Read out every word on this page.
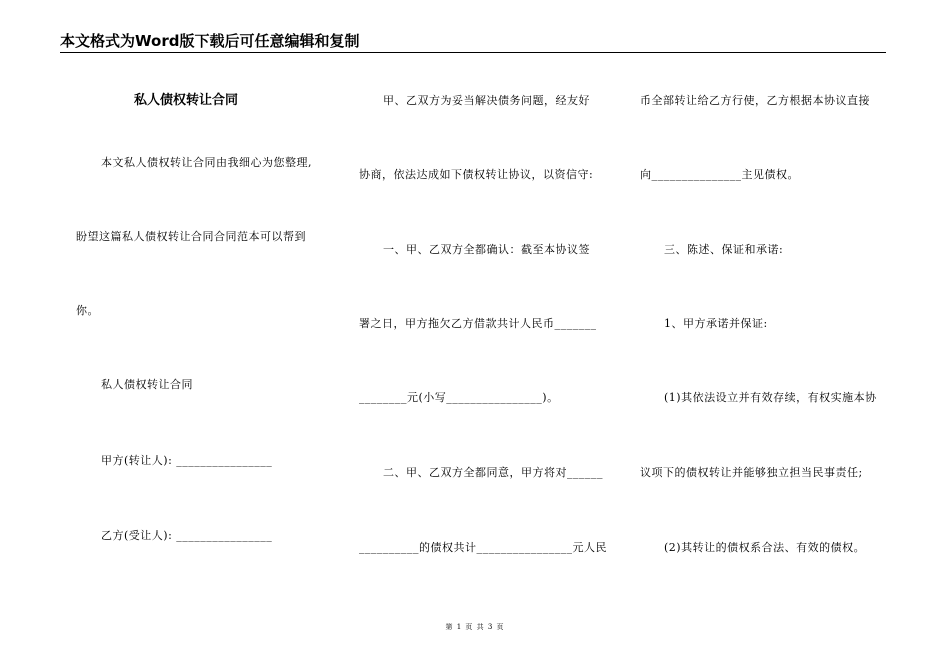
本文格式为Word版下载后可任意编辑和复制
私人债权转让合同
本文私人债权转让合同由我细心为您整理,
盼望这篇私人债权转让合同合同范本可以帮到
你。
私人债权转让合同
甲方(转让人): ________________
乙方(受让人): ________________
甲、乙双方为妥当解决债务问题，经友好
协商，依法达成如下债权转让协议，以资信守:
一、甲、乙双方全都确认：截至本协议签
署之日，甲方拖欠乙方借款共计人民币_______
________元(小写________________)。
二、甲、乙双方全都同意，甲方将对______
__________的债权共计________________元人民
币全部转让给乙方行使，乙方根据本协议直接
向_______________主见债权。
三、陈述、保证和承诺:
1、甲方承诺并保证:
(1)其依法设立并有效存续，有权实施本协
议项下的债权转让并能够独立担当民事责任;
(2)其转让的债权系合法、有效的债权。
第 1 页 共 3 页
